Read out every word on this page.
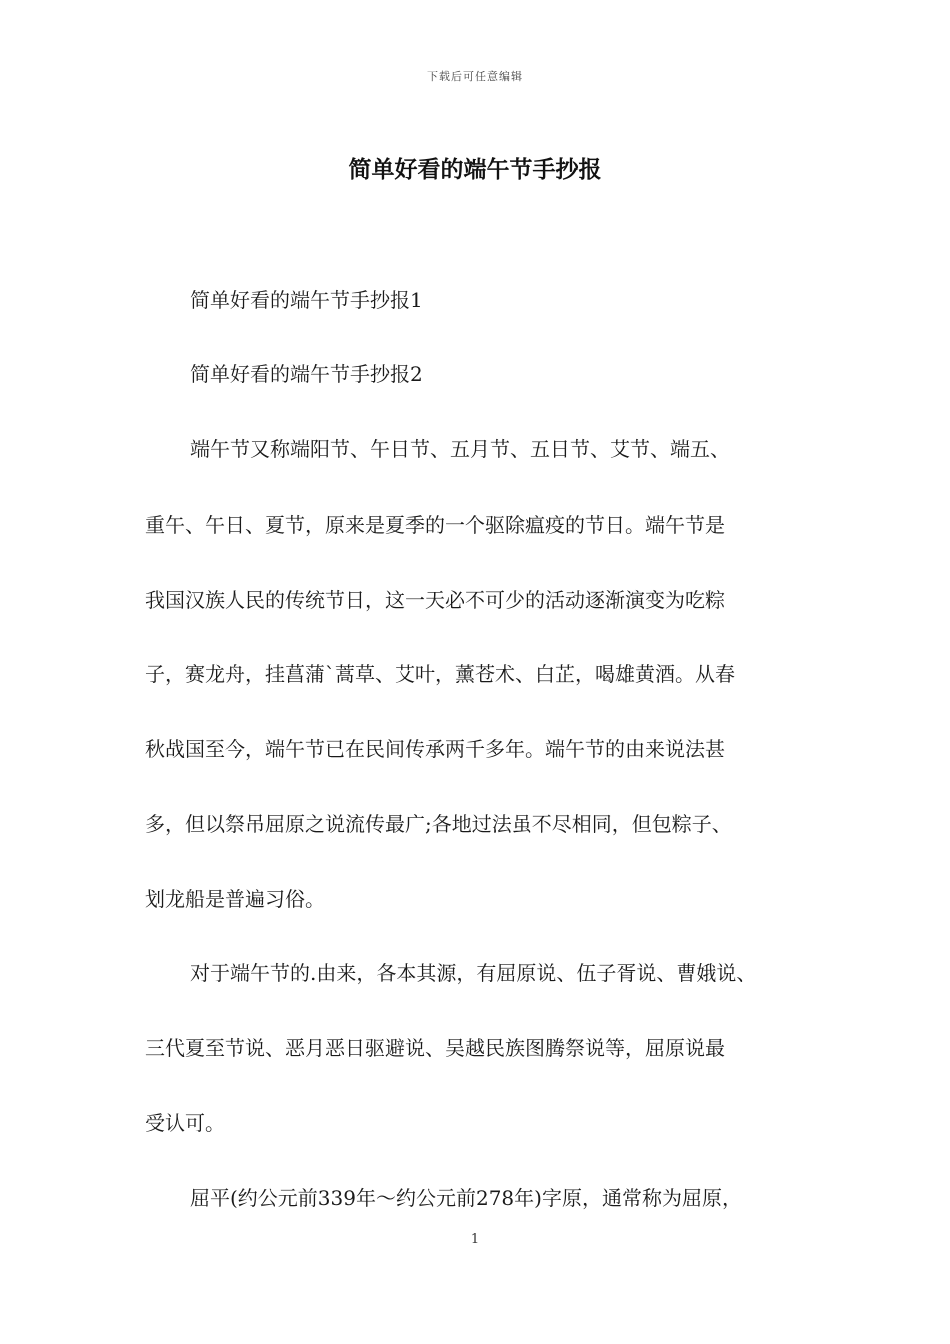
下载后可任意编辑
简单好看的端午节手抄报
简单好看的端午节手抄报1
简单好看的端午节手抄报2
端午节又称端阳节、午日节、五月节、五日节、艾节、端五、
重午、午日、夏节，原来是夏季的一个驱除瘟疫的节日。端午节是
我国汉族人民的传统节日，这一天必不可少的活动逐渐演变为吃粽
子，赛龙舟，挂菖蒲`蒿草、艾叶，薰苍术、白芷，喝雄黄酒。从春
秋战国至今，端午节已在民间传承两千多年。端午节的由来说法甚
多，但以祭吊屈原之说流传最广;各地过法虽不尽相同，但包粽子、
划龙船是普遍习俗。
对于端午节的.由来，各本其源，有屈原说、伍子胥说、曹娥说、
三代夏至节说、恶月恶日驱避说、吴越民族图腾祭说等，屈原说最
受认可。
屈平(约公元前339年～约公元前278年)字原，通常称为屈原，
1
